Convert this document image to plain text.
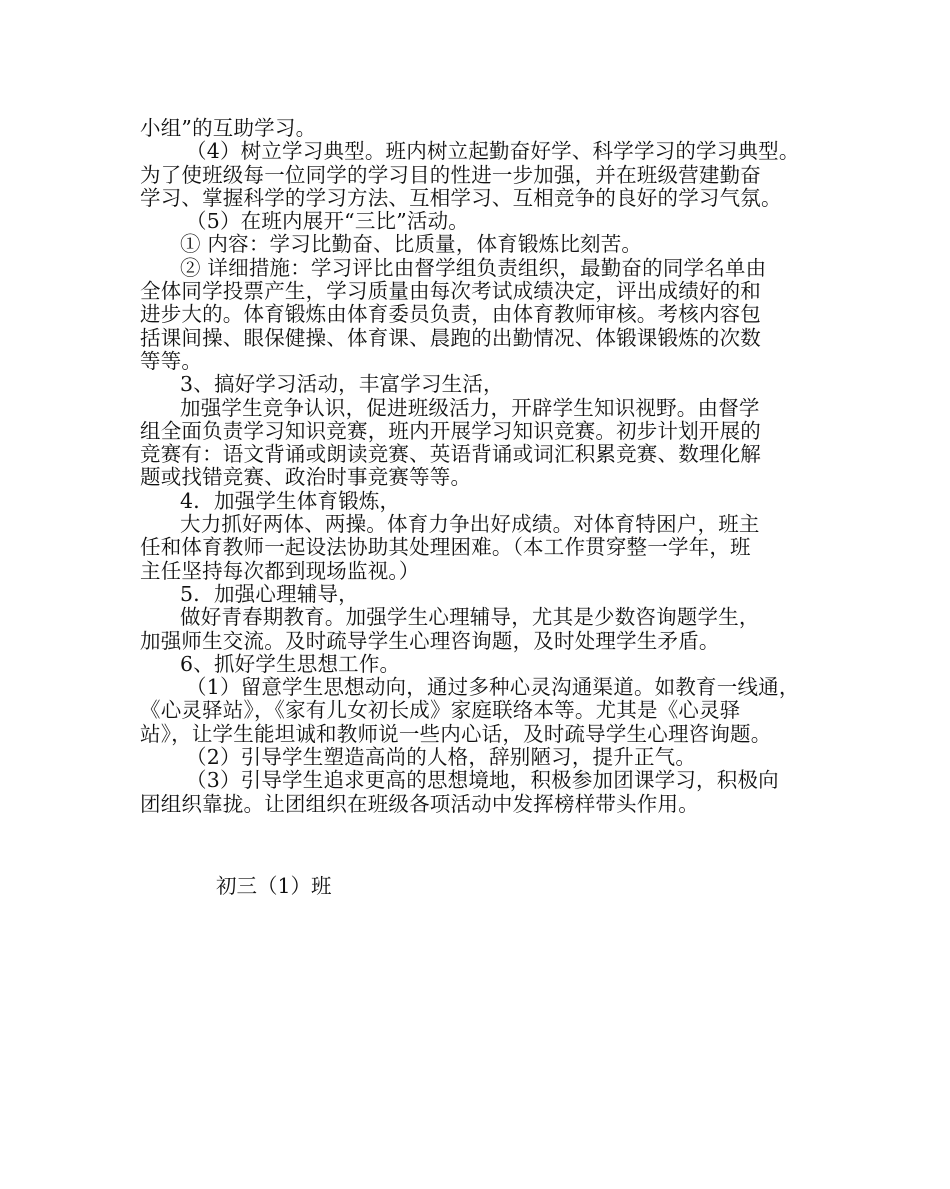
小组”的互助学习。
（4）树立学习典型。班内树立起勤奋好学、科学学习的学习典型。
为了使班级每一位同学的学习目的性进一步加强，并在班级营建勤奋
学习、掌握科学的学习方法、互相学习、互相竞争的良好的学习气氛。
（5）在班内展开“三比”活动。
① 内容：学习比勤奋、比质量，体育锻炼比刻苦。
② 详细措施：学习评比由督学组负责组织，最勤奋的同学名单由
全体同学投票产生，学习质量由每次考试成绩决定，评出成绩好的和
进步大的。体育锻炼由体育委员负责，由体育教师审核。考核内容包
括课间操、眼保健操、体育课、晨跑的出勤情况、体锻课锻炼的次数
等等。
3、搞好学习活动，丰富学习生活，
加强学生竞争认识，促进班级活力，开辟学生知识视野。由督学
组全面负责学习知识竞赛，班内开展学习知识竞赛。初步计划开展的
竞赛有：语文背诵或朗读竞赛、英语背诵或词汇积累竞赛、数理化解
题或找错竞赛、政治时事竞赛等等。
4．加强学生体育锻炼，
大力抓好两体、两操。体育力争出好成绩。对体育特困户，班主
任和体育教师一起设法协助其处理困难。（本工作贯穿整一学年，班
主任坚持每次都到现场监视。）
5．加强心理辅导，
做好青春期教育。加强学生心理辅导，尤其是少数咨询题学生，
加强师生交流。及时疏导学生心理咨询题，及时处理学生矛盾。
6、抓好学生思想工作。
（1）留意学生思想动向，通过多种心灵沟通渠道。如教育一线通，
《心灵驿站》，《家有儿女初长成》家庭联络本等。尤其是《心灵驿
站》，让学生能坦诚和教师说一些内心话，及时疏导学生心理咨询题。
（2）引导学生塑造高尚的人格，辞别陋习，提升正气。
（3）引导学生追求更高的思想境地，积极参加团课学习，积极向
团组织靠拢。让团组织在班级各项活动中发挥榜样带头作用。
初三（1）班
